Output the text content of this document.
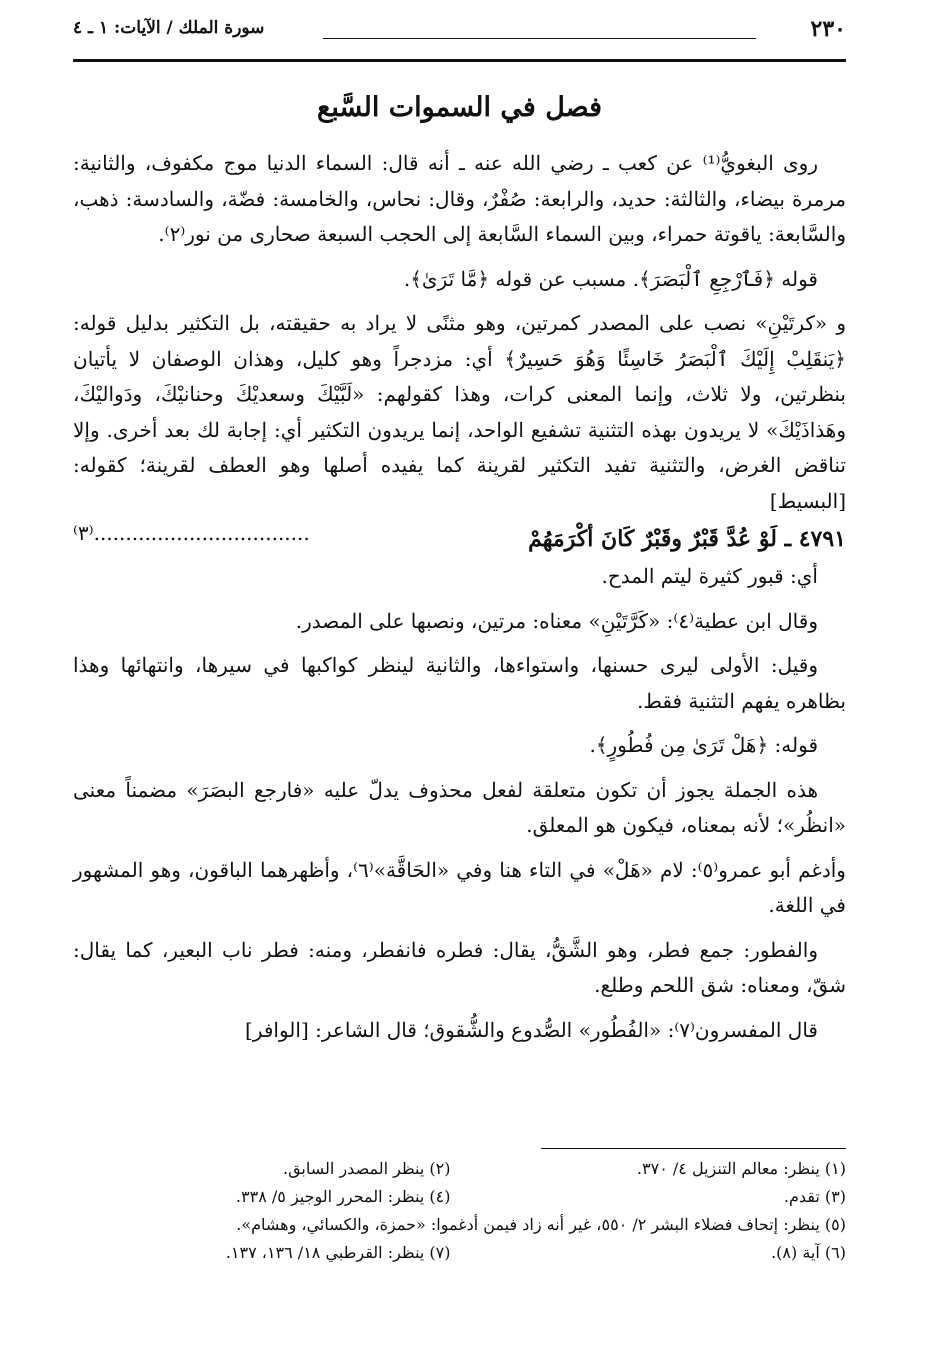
٢٣٠
سورة الملك / الآيات: ١ ـ ٤
فصل في السموات السَّبع

روى البغويُّ⁽¹⁾ عن كعب ـ رضي الله عنه ـ أنه قال: السماء الدنيا موج مكفوف، والثانية: مرمرة بيضاء، والثالثة: حديد، والرابعة: صُفْرٌ، وقال: نحاس، والخامسة: فضّة، والسادسة: ذهب، والسَّابعة: ياقوتة حمراء، وبين السماء السَّابعة إلى الحجب السبعة صحارى من نور⁽٢⁾.

قوله ﴿فَٱرْجِعِ ٱلْبَصَرَ﴾. مسبب عن قوله ﴿مَّا تَرَىٰ﴾.

و «كرتَيْنِ» نصب على المصدر كمرتين، وهو مثنًى لا يراد به حقيقته، بل التكثير بدليل قوله: ﴿يَنقَلِبْ إِلَيْكَ ٱلْبَصَرُ خَاسِئًا وَهُوَ حَسِيرٌ﴾ أي: مزدجراً وهو كليل، وهذان الوصفان لا يأتيان بنظرتين، ولا ثلاث، وإنما المعنى كرات، وهذا كقولهم: «لَبَّيْكَ وسعديْكَ وحنانيْكَ، ودَواليْكَ، وهَذاذَيْكَ» لا يريدون بهذه التثنية تشفيع الواحد، إنما يريدون التكثير أي: إجابة لك بعد أخرى. وإلا تناقض الغرض، والتثنية تفيد التكثير لقرينة كما يفيده أصلها وهو العطف لقرينة؛ كقوله: [البسيط]

٤٧٩١ ـ لَوْ عُدَّ قَبْرٌ وقَبْرٌ كَانَ أكْرَمَهُمْ
..................................⁽٣⁾

أي: قبور كثيرة ليتم المدح.

وقال ابن عطية⁽٤⁾: «كَرَّتَيْنِ» معناه: مرتين، ونصبها على المصدر.

وقيل: الأولى ليرى حسنها، واستواءها، والثانية لينظر كواكبها في سيرها، وانتهائها وهذا بظاهره يفهم التثنية فقط.

قوله: ﴿هَلْ تَرَىٰ مِن فُطُورٍ﴾.

هذه الجملة يجوز أن تكون متعلقة لفعل محذوف يدلّ عليه «فارجع البصَرَ» مضمناً معنى «انظُر»؛ لأنه بمعناه، فيكون هو المعلق.

وأدغم أبو عمرو⁽٥⁾: لام «هَلْ» في التاء هنا وفي «الحَاقَّة»⁽٦⁾، وأظهرهما الباقون، وهو المشهور في اللغة.

والفطور: جمع فطر، وهو الشَّقُّ، يقال: فطره فانفطر، ومنه: فطر ناب البعير، كما يقال: شقّ، ومعناه: شق اللحم وطلع.

قال المفسرون⁽٧⁾: «الفُطُور» الصُّدوع والشُّقوق؛ قال الشاعر: [الوافر]

(١) ينظر: معالم التنزيل ٤/ ٣٧٠.
(٢) ينظر المصدر السابق.
(٣) تقدم.
(٤) ينظر: المحرر الوجيز ٥/ ٣٣٨.
(٥) ينظر: إتحاف فضلاء البشر ٢/ ٥٥٠، غير أنه زاد فيمن أدغموا: «حمزة، والكسائي، وهشام».
(٦) آية (٨).
(٧) ينظر: القرطبي ١٨/ ١٣٦، ١٣٧.
